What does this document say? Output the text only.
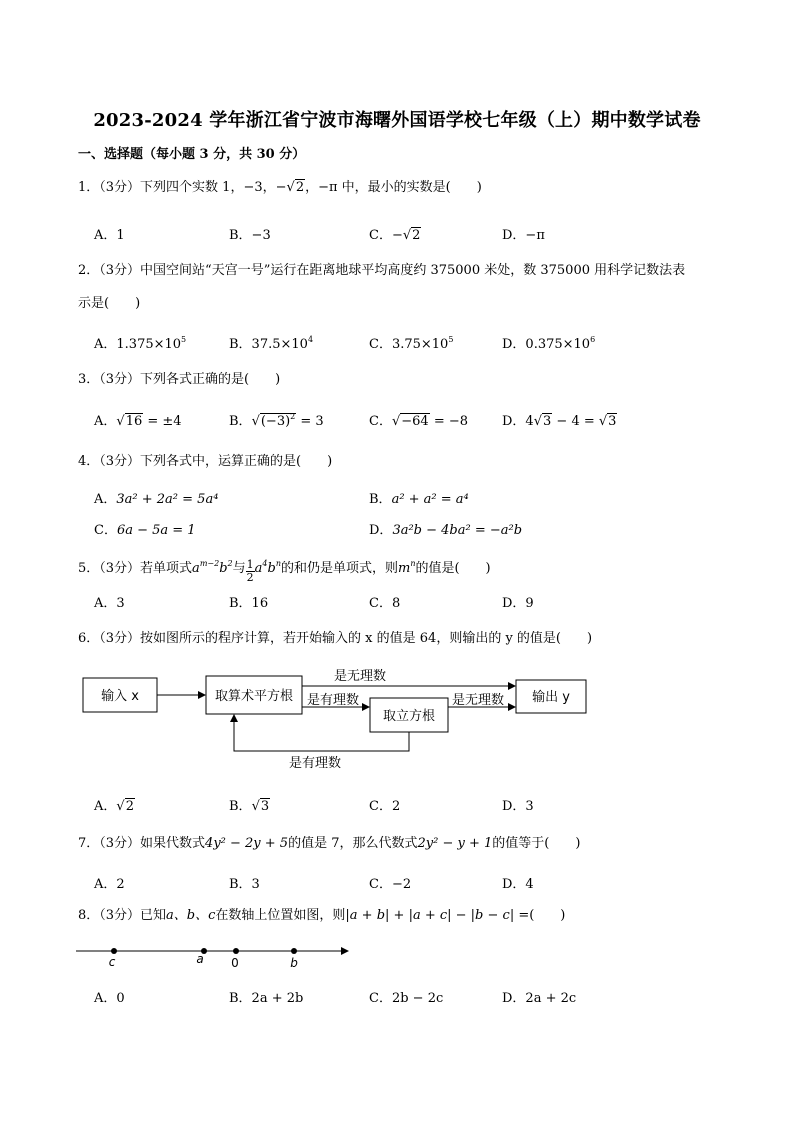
2023-2024 学年浙江省宁波市海曙外国语学校七年级（上）期中数学试卷
一、选择题（每小题 3 分，共 30 分）
1．（3分）下列四个实数 1，−3，−√2，−π 中，最小的实数是(　　)
A．1	B．−3	C．−√2	D．−π
2．（3分）中国空间站“天宫一号”运行在距离地球平均高度约 375000 米处，数 375000 用科学记数法表
示是(　　)
A．$1.375\times 10^5$	B．$37.5\times 10^4$	C．$3.75\times 10^5$	D．$0.375\times 10^6$
3．（3分）下列各式正确的是(　　)
A．√16 = ±4	B．$√(-3)^2 = 3$	C．√−64 = −8	D．4√3 − 4 = √3
4．（3分）下列各式中，运算正确的是(　　)
A．3a² + 2a² = 5a⁴	B．a² + a² = a⁴
C．6a − 5a = 1	D．3a²b − 4ba² = −a²b
5．（3分）若单项式$a^{m-2}b^2$与 $\frac{1}{2} a^4b^n$的和仍是单项式，则$m^n$的值是(　　)
A．3	B．16	C．8	D．9
6．（3分）按如图所示的程序计算，若开始输入的 x 的值是 64，则输出的 y 的值是(　　)
输入 x	取算术平方根
取立方根
输出 y
是无理数
是有理数	是无理数
是有理数
A．√2	B．√3	C．2	D．3
7．（3分）如果代数式4y² − 2y + 5的值是 7，那么代数式2y² − y + 1的值等于(　　)
A．2	B．3	C．−2	D．4
8．（3分）已知a、b、c在数轴上位置如图，则|a + b| + |a + c| − |b − c| =(　　)
c	a 0	b
A．0	B．2a + 2b	C．2b − 2c	D．2a + 2c
